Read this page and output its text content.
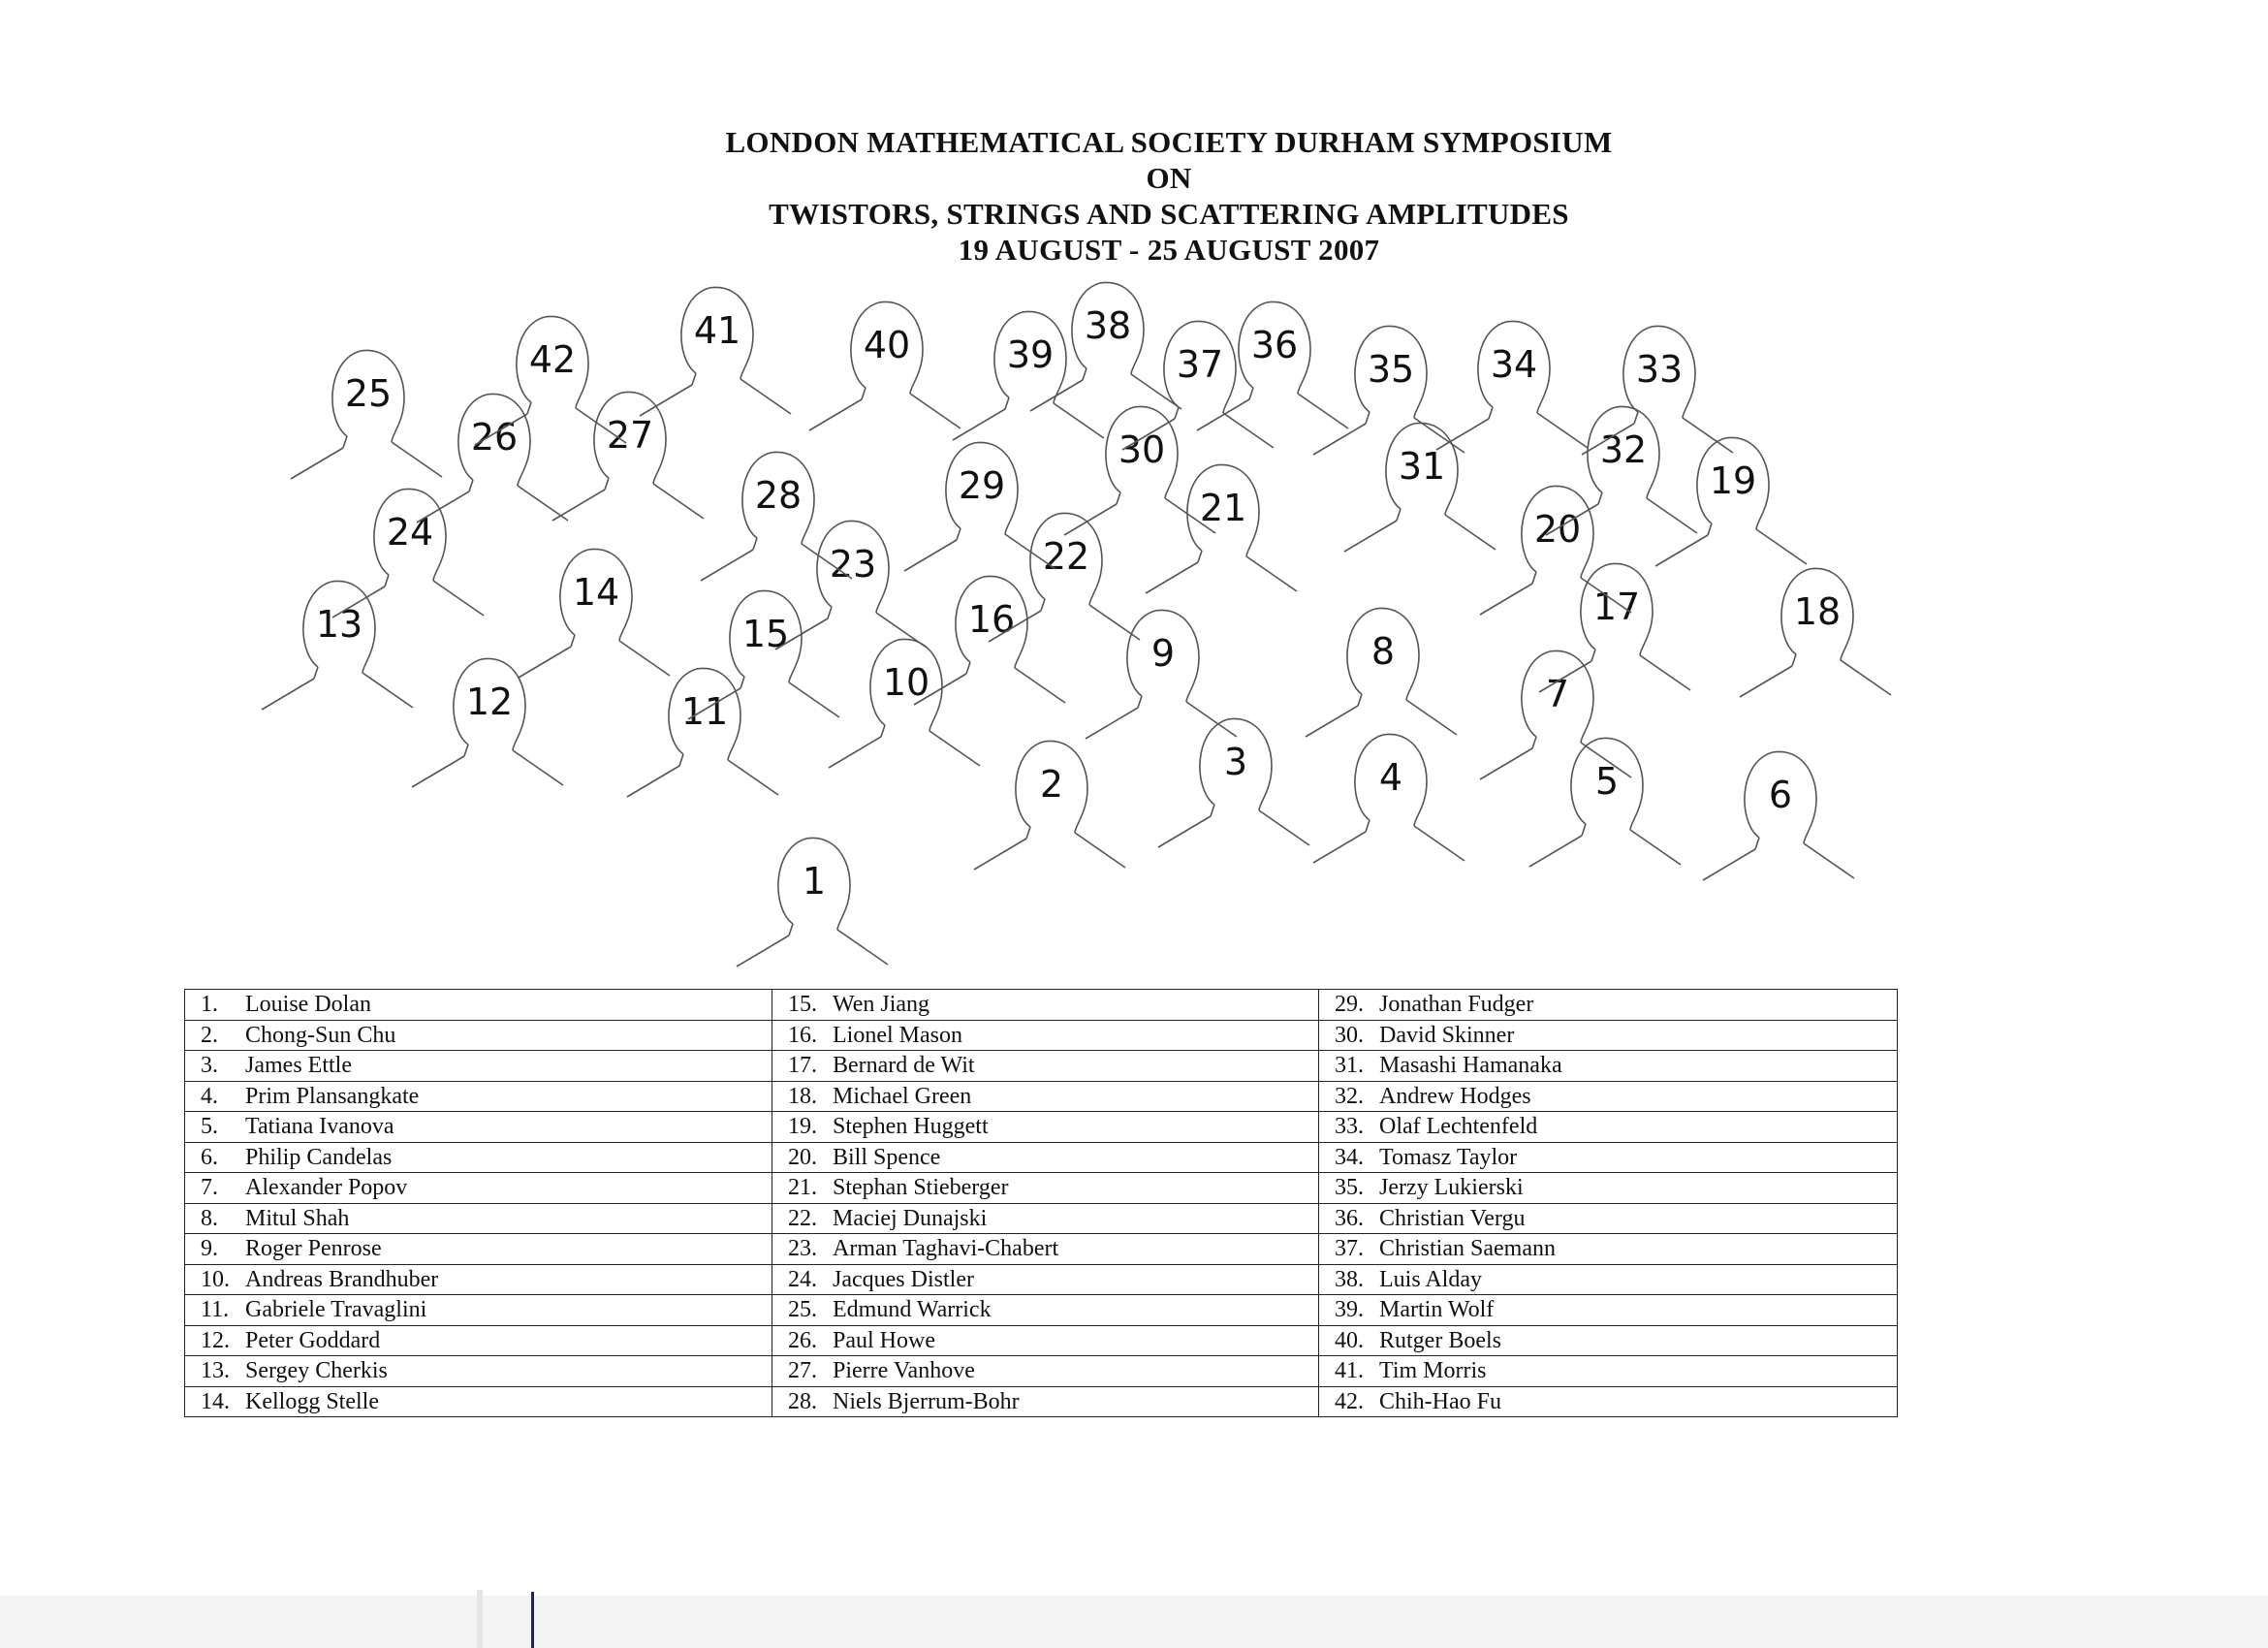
LONDON MATHEMATICAL SOCIETY DURHAM SYMPOSIUM
ON
TWISTORS, STRINGS AND SCATTERING AMPLITUDES
19 AUGUST - 25 AUGUST 2007
1
2
3	4	5	6
7
8
9
10
11
12
13
14
15	16	17	18
19
20
21
22
23
24
25
26 27
28	29
30	31	32
33
34
35
36
37
38
39
40
41
42
1. Louise Dolan	15. Wen Jiang	29. Jonathan Fudger
2. Chong-Sun Chu	16. Lionel Mason	30. David Skinner
3. James Ettle	17. Bernard de Wit	31. Masashi Hamanaka
4. Prim Plansangkate	18. Michael Green	32. Andrew Hodges
5. Tatiana Ivanova	19. Stephen Huggett	33. Olaf Lechtenfeld
6. Philip Candelas	20. Bill Spence	34. Tomasz Taylor
7. Alexander Popov	21. Stephan Stieberger	35. Jerzy Lukierski
8. Mitul Shah	22. Maciej Dunajski	36. Christian Vergu
9. Roger Penrose	23. Arman Taghavi-Chabert	37. Christian Saemann
10. Andreas Brandhuber	24. Jacques Distler	38. Luis Alday
11. Gabriele Travaglini	25. Edmund Warrick	39. Martin Wolf
12. Peter Goddard	26. Paul Howe	40. Rutger Boels
13. Sergey Cherkis	27. Pierre Vanhove	41. Tim Morris
14. Kellogg Stelle	28. Niels Bjerrum-Bohr	42. Chih-Hao Fu
